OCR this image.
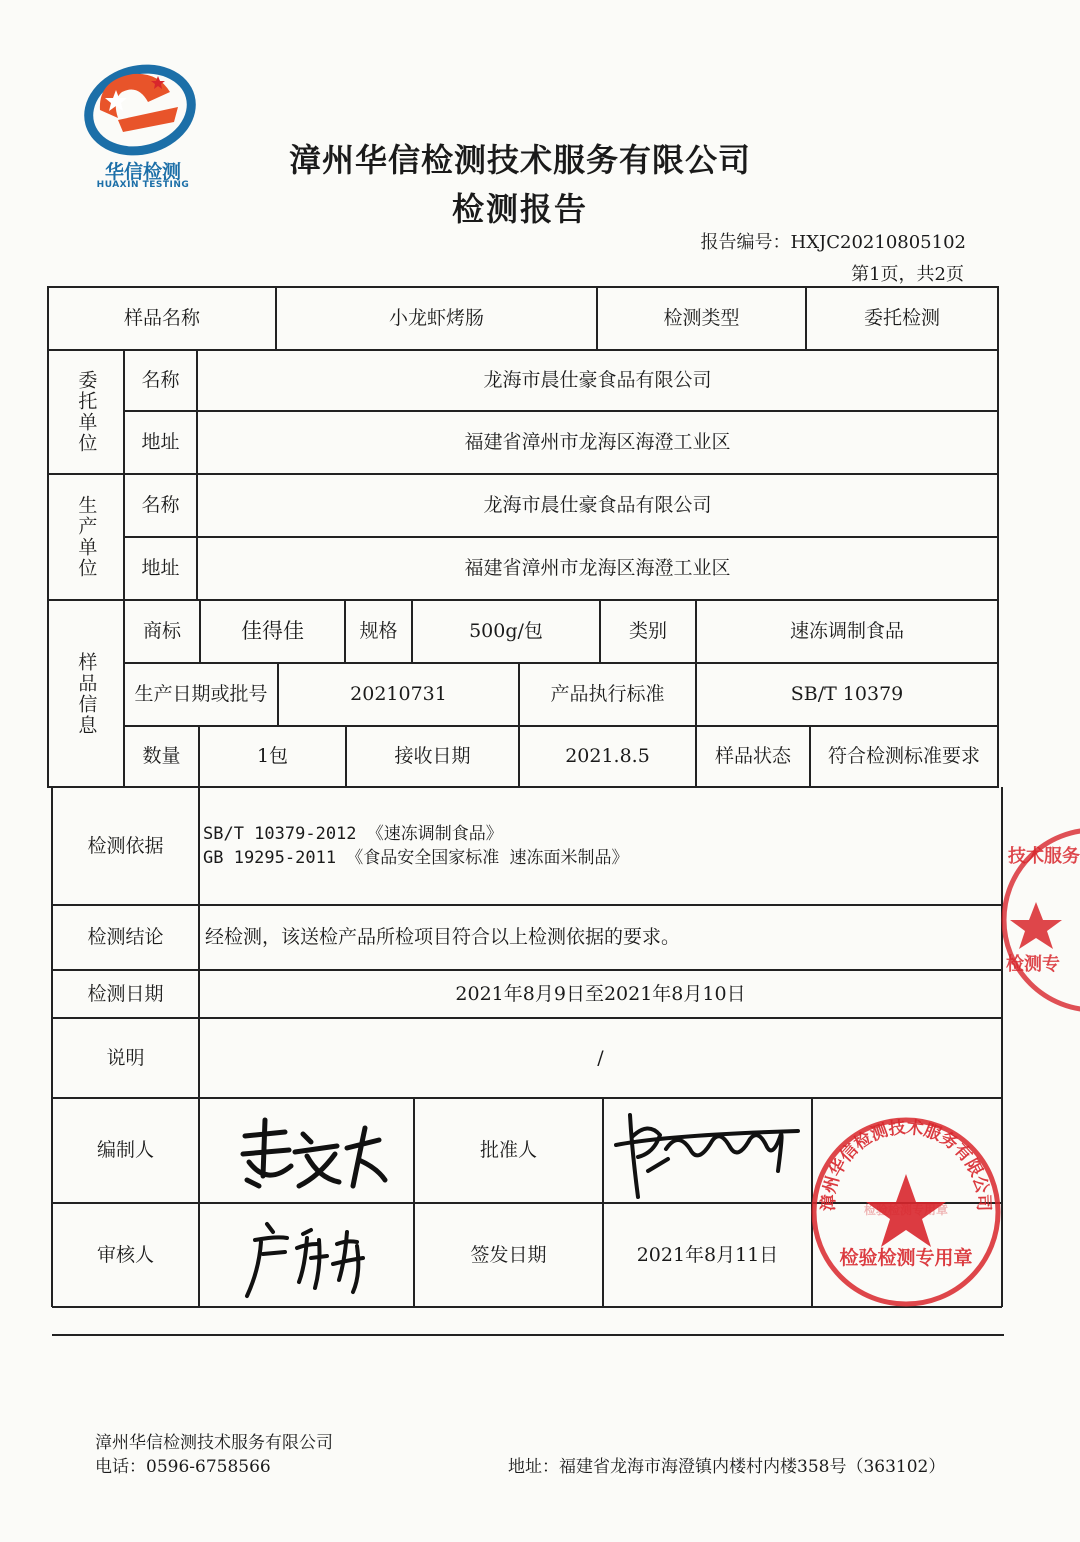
华信检测
HUAXIN TESTING
漳州华信检测技术服务有限公司
检测报告
报告编号：HXJC20210805102
第1页，共2页
样品名称	小龙虾烤肠	检测类型	委托检测
委托单位	名称	龙海市晨仕豪食品有限公司
地址	福建省漳州市龙海区海澄工业区
生产单位	名称	龙海市晨仕豪食品有限公司
地址	福建省漳州市龙海区海澄工业区
样品信息
商标	佳得佳	规格	500g/包	类别	速冻调制食品
生产日期或批号	20210731	产品执行标准	SB/T 10379
数量	1包	接收日期	2021.8.5	样品状态	符合检测标准要求
检测依据
SB/T 10379-2012 《速冻调制食品》
GB 19295-2011 《食品安全国家标准 速冻面米制品》
检测结论	经检测，该送检产品所检项目符合以上检测依据的要求。
检测日期	2021年8月9日至2021年8月10日
说明	/
编制人	批准人
审核人	签发日期	2021年8月11日
漳州华信检测技术服务有限公司
检验检测专用章
检验检测专用章
技术服务
检测专
漳州华信检测技术服务有限公司
电话：0596-6758566	地址：福建省龙海市海澄镇内楼村内楼358号（363102）
